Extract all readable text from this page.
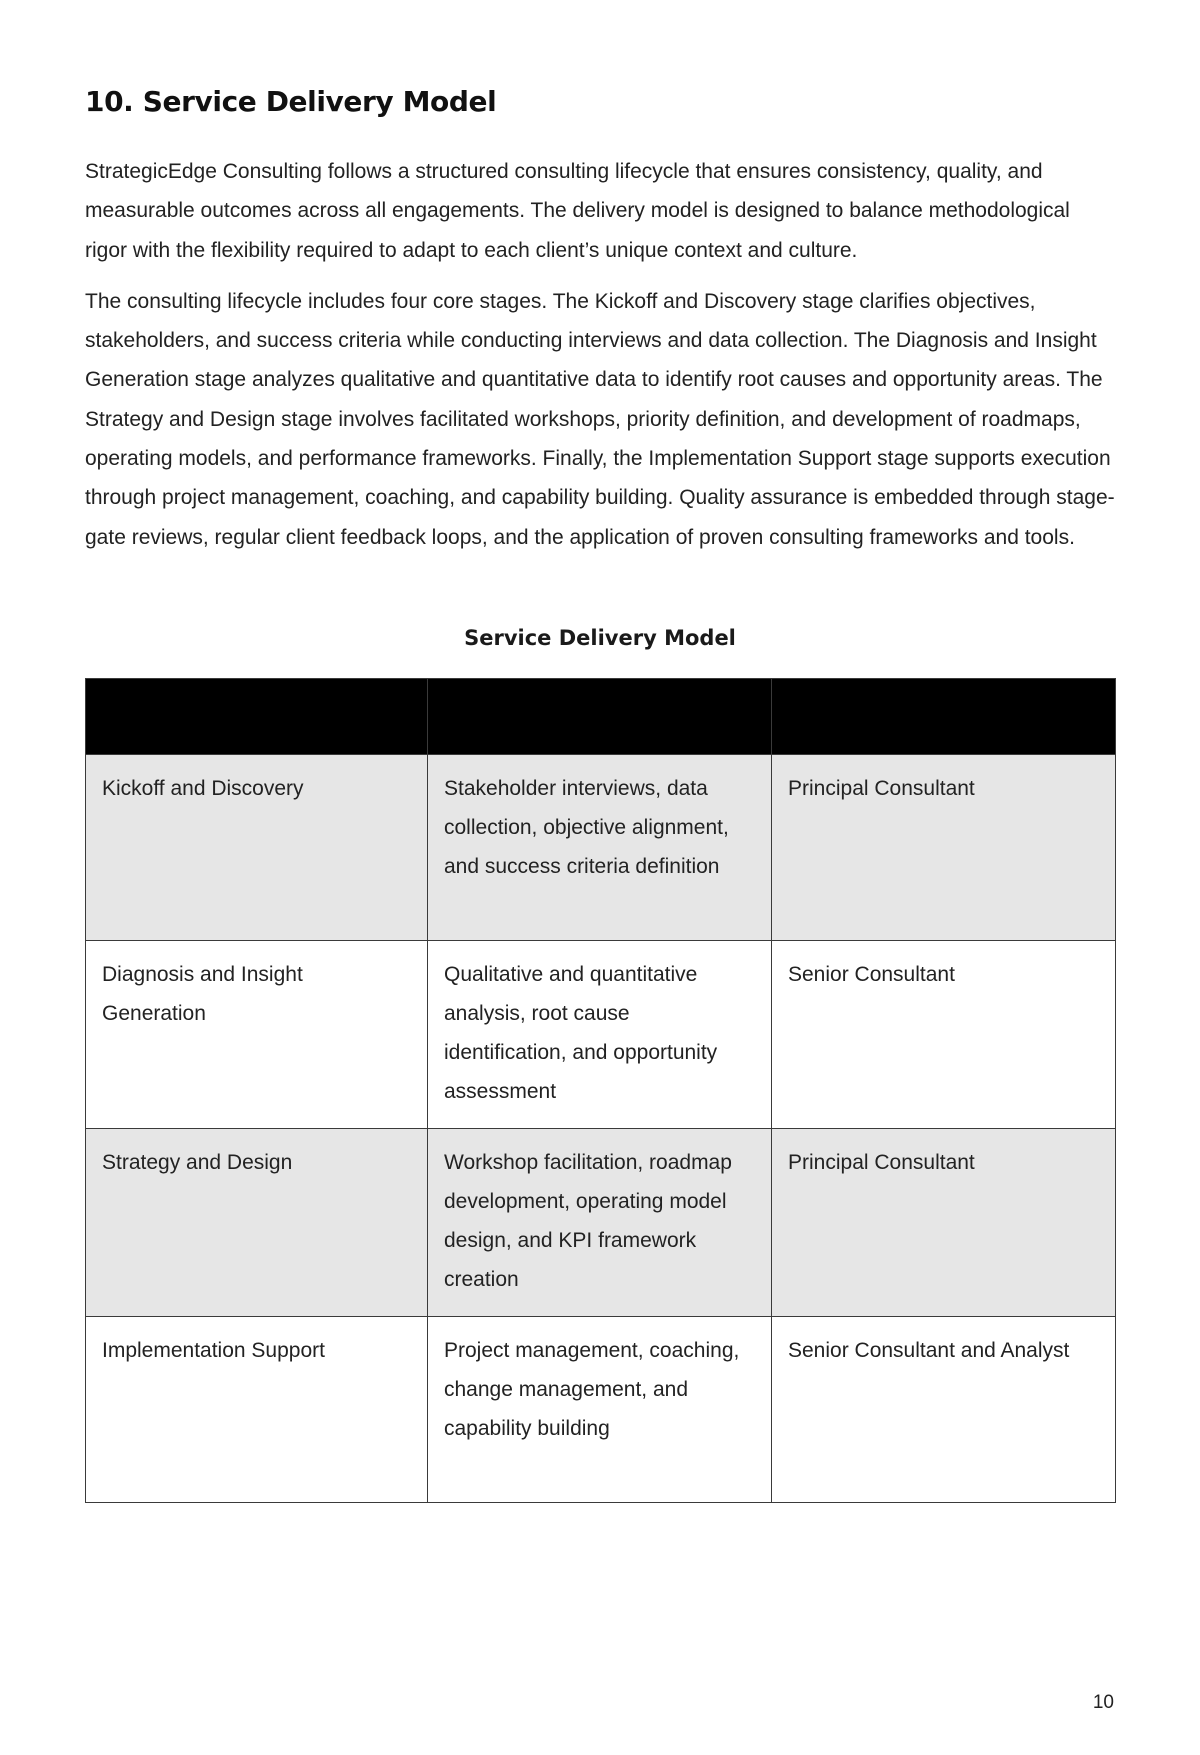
10. Service Delivery Model

StrategicEdge Consulting follows a structured consulting lifecycle that ensures consistency, quality, and measurable outcomes across all engagements. The delivery model is designed to balance methodological rigor with the flexibility required to adapt to each client’s unique context and culture.

The consulting lifecycle includes four core stages. The Kickoff and Discovery stage clarifies objectives, stakeholders, and success criteria while conducting interviews and data collection. The Diagnosis and Insight Generation stage analyzes qualitative and quantitative data to identify root causes and opportunity areas. The Strategy and Design stage involves facilitated workshops, priority definition, and development of roadmaps, operating models, and performance frameworks. Finally, the Implementation Support stage supports execution through project management, coaching, and capability building. Quality assurance is embedded through stage-gate reviews, regular client feedback loops, and the application of proven consulting frameworks and tools.

Service Delivery Model

Kickoff and Discovery	Stakeholder interviews, data collection, objective alignment, and success criteria definition	Principal Consultant
Diagnosis and Insight Generation	Qualitative and quantitative analysis, root cause identification, and opportunity assessment	Senior Consultant
Strategy and Design	Workshop facilitation, roadmap development, operating model design, and KPI framework creation	Principal Consultant
Implementation Support	Project management, coaching, change management, and capability building	Senior Consultant and Analyst
10
